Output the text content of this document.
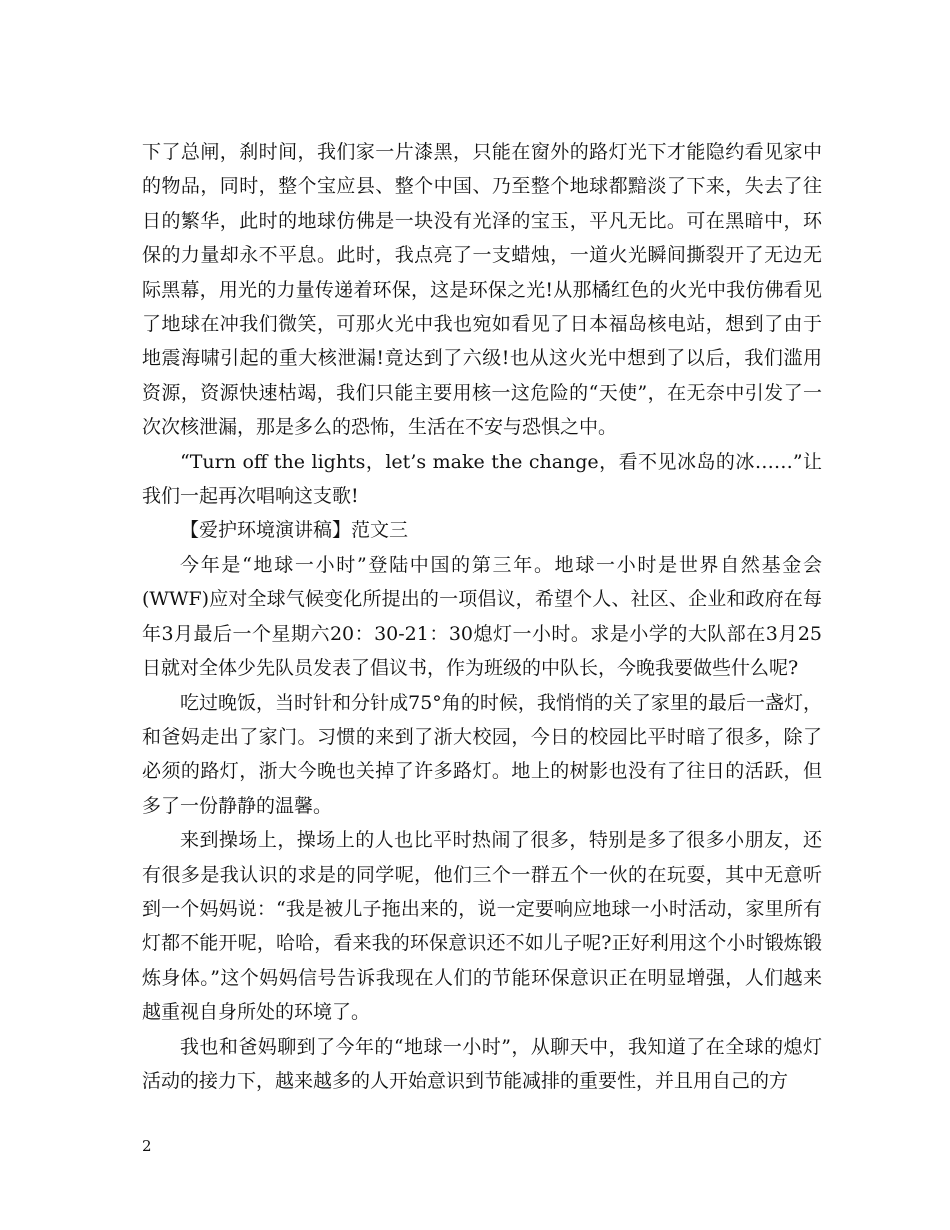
下了总闸，刹时间，我们家一片漆黑，只能在窗外的路灯光下才能隐约看见家中的物品，同时，整个宝应县、整个中国、乃至整个地球都黯淡了下来，失去了往日的繁华，此时的地球仿佛是一块没有光泽的宝玉，平凡无比。可在黑暗中，环保的力量却永不平息。此时，我点亮了一支蜡烛，一道火光瞬间撕裂开了无边无际黑幕，用光的力量传递着环保，这是环保之光!从那橘红色的火光中我仿佛看见了地球在冲我们微笑，可那火光中我也宛如看见了日本福岛核电站，想到了由于地震海啸引起的重大核泄漏!竟达到了六级!也从这火光中想到了以后，我们滥用资源，资源快速枯竭，我们只能主要用核一这危险的“天使”，在无奈中引发了一次次核泄漏，那是多么的恐怖，生活在不安与恐惧之中。

“Turn off the lights，let’s make the change，看不见冰岛的冰……”让我们一起再次唱响这支歌!

【爱护环境演讲稿】范文三

今年是“地球一小时”登陆中国的第三年。地球一小时是世界自然基金会(WWF)应对全球气候变化所提出的一项倡议，希望个人、社区、企业和政府在每年3月最后一个星期六20：30-21：30熄灯一小时。求是小学的大队部在3月25日就对全体少先队员发表了倡议书，作为班级的中队长，今晚我要做些什么呢?

吃过晚饭，当时针和分针成75°角的时候，我悄悄的关了家里的最后一盏灯，和爸妈走出了家门。习惯的来到了浙大校园，今日的校园比平时暗了很多，除了必须的路灯，浙大今晚也关掉了许多路灯。地上的树影也没有了往日的活跃，但多了一份静静的温馨。

来到操场上，操场上的人也比平时热闹了很多，特别是多了很多小朋友，还有很多是我认识的求是的同学呢，他们三个一群五个一伙的在玩耍，其中无意听到一个妈妈说：“我是被儿子拖出来的，说一定要响应地球一小时活动，家里所有灯都不能开呢，哈哈，看来我的环保意识还不如儿子呢?正好利用这个小时锻炼锻炼身体。”这个妈妈信号告诉我现在人们的节能环保意识正在明显增强，人们越来越重视自身所处的环境了。

我也和爸妈聊到了今年的“地球一小时”，从聊天中，我知道了在全球的熄灯活动的接力下，越来越多的人开始意识到节能减排的重要性，并且用自己的方

2
